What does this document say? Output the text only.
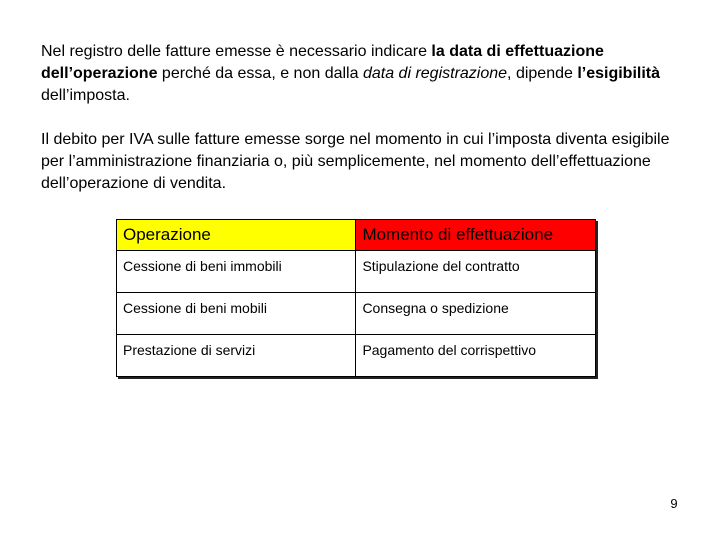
Nel registro delle fatture emesse è necessario indicare la data di effettuazione dell’operazione perché da essa, e non dalla data di registrazione, dipende l’esigibilità dell’imposta.

Il debito per IVA sulle fatture emesse sorge nel momento in cui l’imposta diventa esigibile per l’amministrazione finanziaria o, più semplicemente, nel momento dell’effettuazione dell’operazione di vendita.

Operazione	Momento di effettuazione
Cessione di beni immobili	Stipulazione del contratto
Cessione di beni mobili	Consegna o spedizione
Prestazione di servizi	Pagamento del corrispettivo
9
